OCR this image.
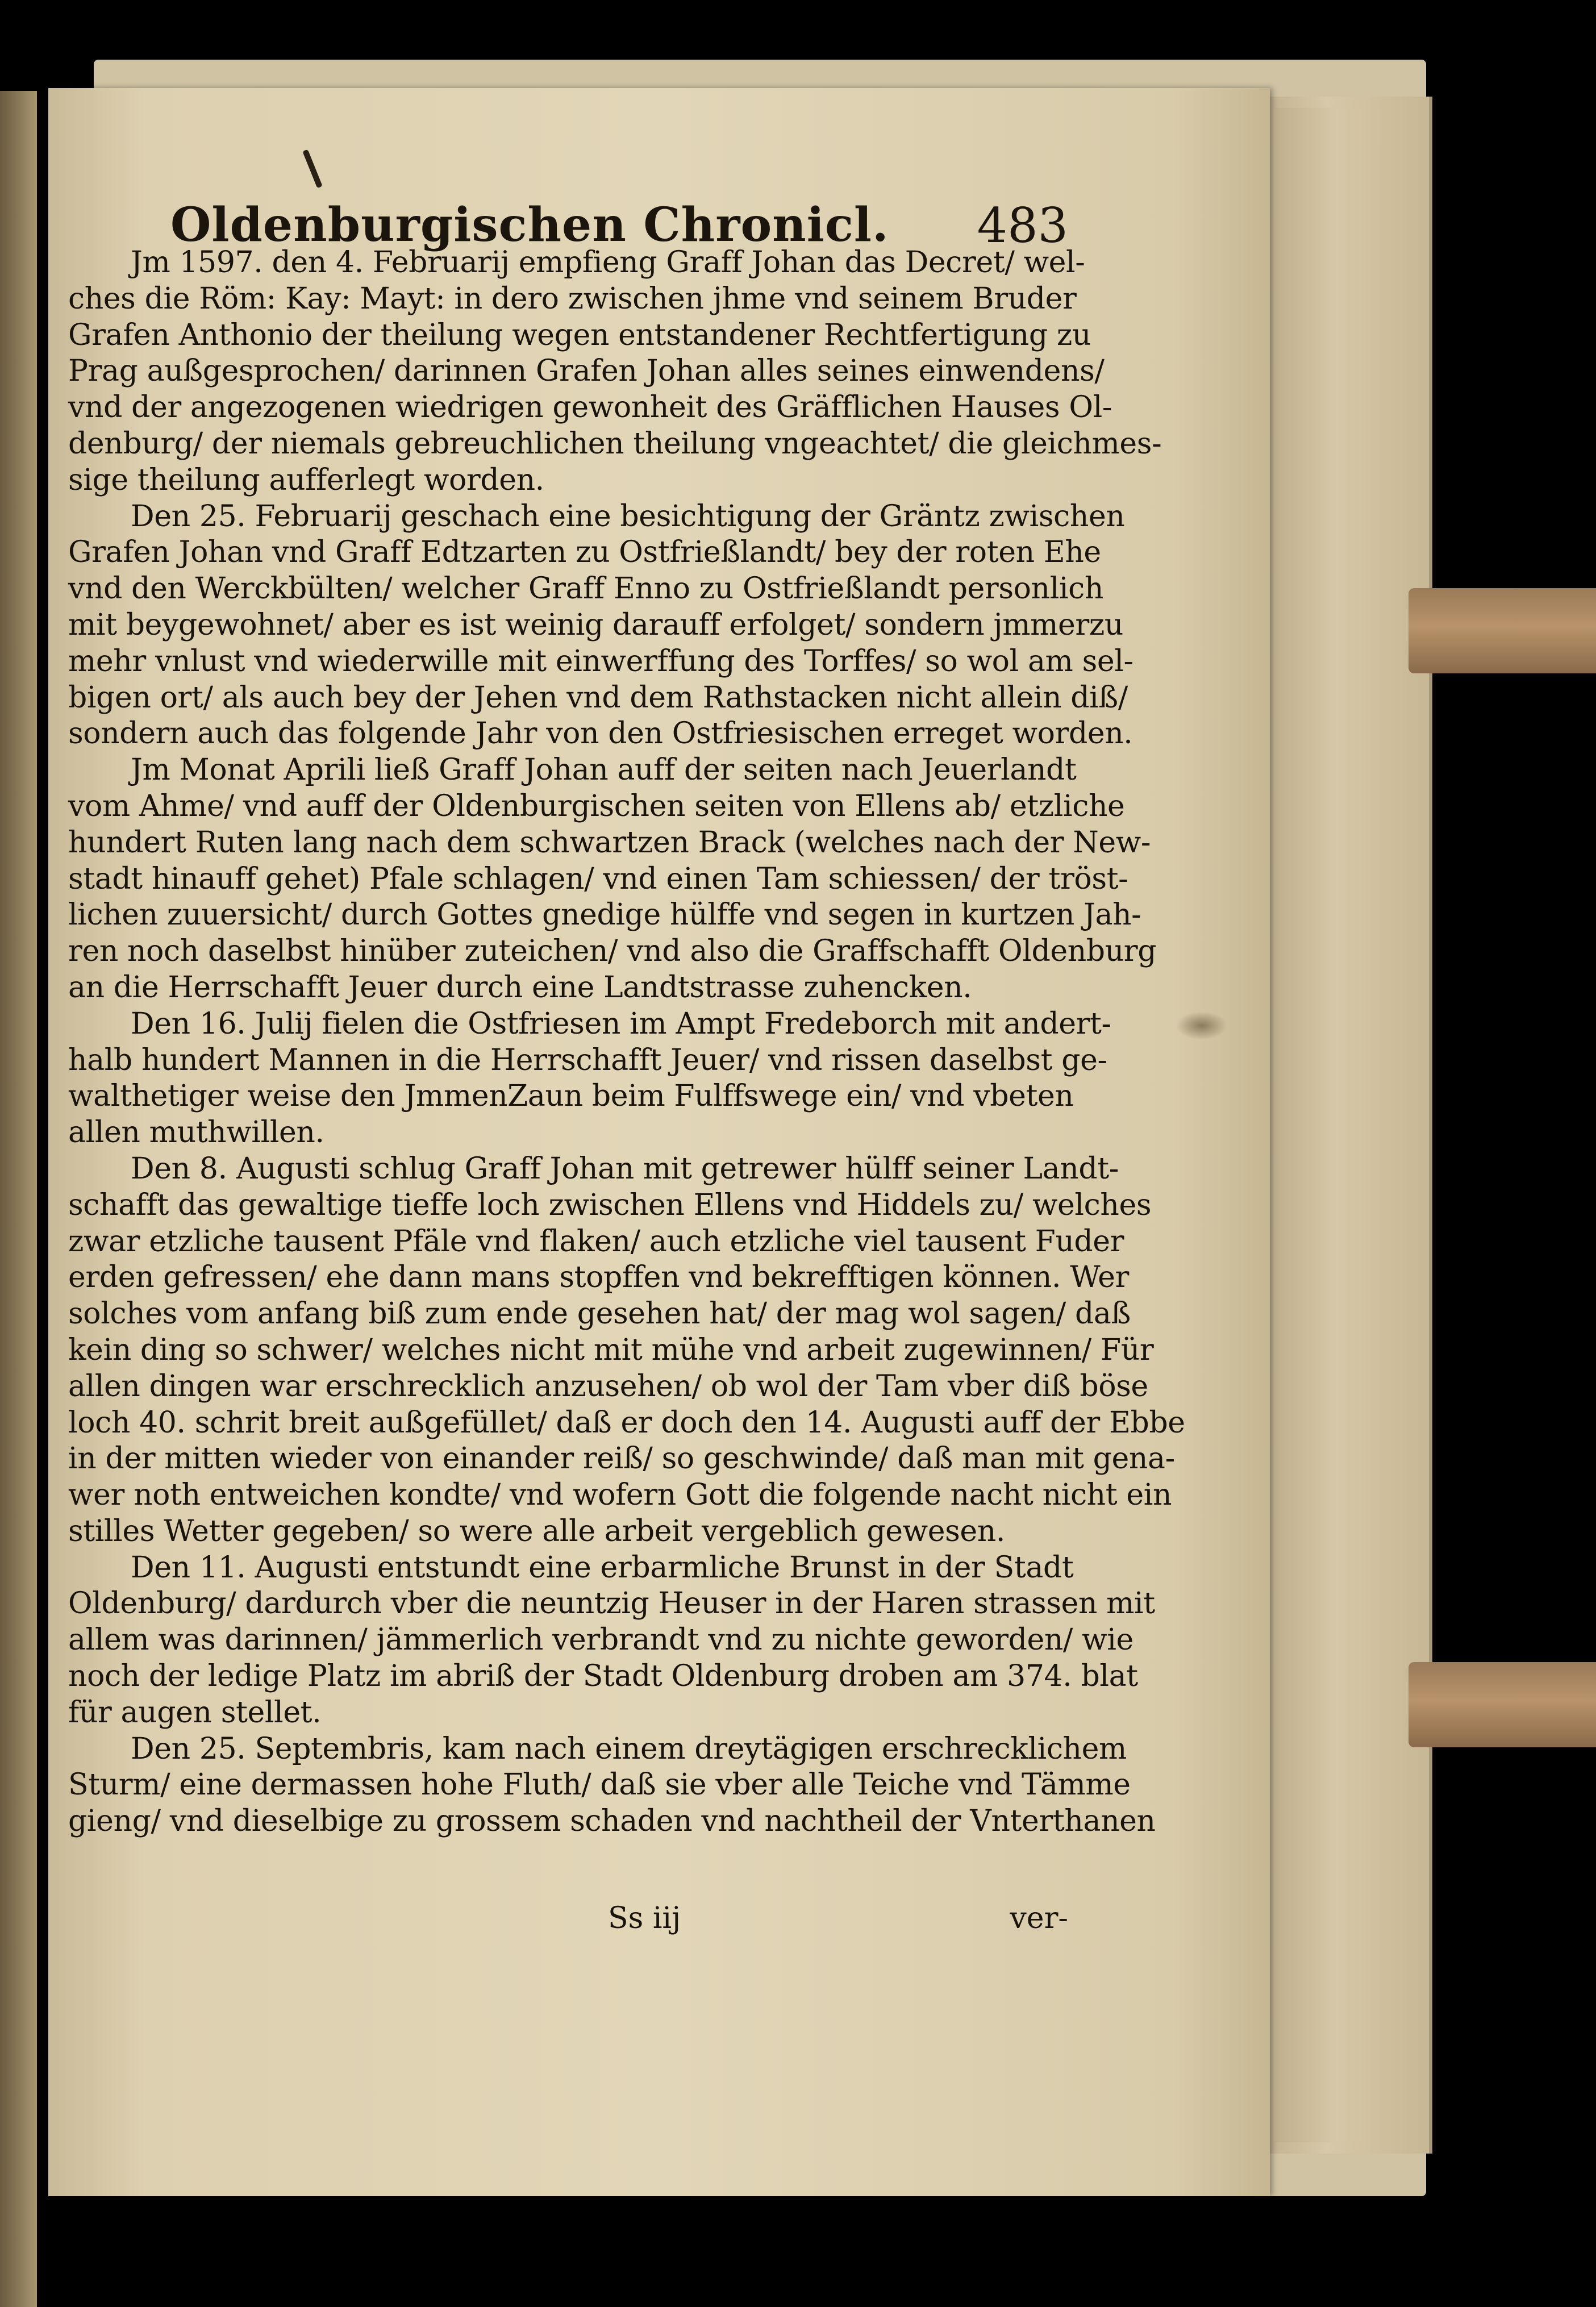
Oldenburgischen Chronicl.	483
Jm 1597. den 4. Februarij empfieng Graff Johan das Decret/ wel-
ches die Röm: Kay: Mayt: in dero zwischen jhme vnd seinem Bruder
Grafen Anthonio der theilung wegen entstandener Rechtfertigung zu
Prag außgesprochen/ darinnen Grafen Johan alles seines einwendens/
vnd der angezogenen wiedrigen gewonheit des Gräfflichen Hauses Ol-
denburg/ der niemals gebreuchlichen theilung vngeachtet/ die gleichmes-
sige theilung aufferlegt worden.
Den 25. Februarij geschach eine besichtigung der Gräntz zwischen
Grafen Johan vnd Graff Edtzarten zu Ostfrießlandt/ bey der roten Ehe
vnd den Werckbülten/ welcher Graff Enno zu Ostfrießlandt personlich
mit beygewohnet/ aber es ist weinig darauff erfolget/ sondern jmmerzu
mehr vnlust vnd wiederwille mit einwerffung des Torffes/ so wol am sel-
bigen ort/ als auch bey der Jehen vnd dem Rathstacken nicht allein diß/
sondern auch das folgende Jahr von den Ostfriesischen erreget worden.
Jm Monat Aprili ließ Graff Johan auff der seiten nach Jeuerlandt
vom Ahme/ vnd auff der Oldenburgischen seiten von Ellens ab/ etzliche
hundert Ruten lang nach dem schwartzen Brack (welches nach der New-
stadt hinauff gehet) Pfale schlagen/ vnd einen Tam schiessen/ der tröst-
lichen zuuersicht/ durch Gottes gnedige hülffe vnd segen in kurtzen Jah-
ren noch daselbst hinüber zuteichen/ vnd also die Graffschafft Oldenburg
an die Herrschafft Jeuer durch eine Landtstrasse zuhencken.
Den 16. Julij fielen die Ostfriesen im Ampt Fredeborch mit andert-
halb hundert Mannen in die Herrschafft Jeuer/ vnd rissen daselbst ge-
walthetiger weise den JmmenZaun beim Fulffswege ein/ vnd vbeten
allen muthwillen.
Den 8. Augusti schlug Graff Johan mit getrewer hülff seiner Landt-
schafft das gewaltige tieffe loch zwischen Ellens vnd Hiddels zu/ welches
zwar etzliche tausent Pfäle vnd flaken/ auch etzliche viel tausent Fuder
erden gefressen/ ehe dann mans stopffen vnd bekrefftigen können. Wer
solches vom anfang biß zum ende gesehen hat/ der mag wol sagen/ daß
kein ding so schwer/ welches nicht mit mühe vnd arbeit zugewinnen/ Für
allen dingen war erschrecklich anzusehen/ ob wol der Tam vber diß böse
loch 40. schrit breit außgefüllet/ daß er doch den 14. Augusti auff der Ebbe
in der mitten wieder von einander reiß/ so geschwinde/ daß man mit gena-
wer noth entweichen kondte/ vnd wofern Gott die folgende nacht nicht ein
stilles Wetter gegeben/ so were alle arbeit vergeblich gewesen.
Den 11. Augusti entstundt eine erbarmliche Brunst in der Stadt
Oldenburg/ dardurch vber die neuntzig Heuser in der Haren strassen mit
allem was darinnen/ jämmerlich verbrandt vnd zu nichte geworden/ wie
noch der ledige Platz im abriß der Stadt Oldenburg droben am 374. blat
für augen stellet.
Den 25. Septembris, kam nach einem dreytägigen erschrecklichem
Sturm/ eine dermassen hohe Fluth/ daß sie vber alle Teiche vnd Tämme
gieng/ vnd dieselbige zu grossem schaden vnd nachtheil der Vnterthanen
Ss iij	ver-
